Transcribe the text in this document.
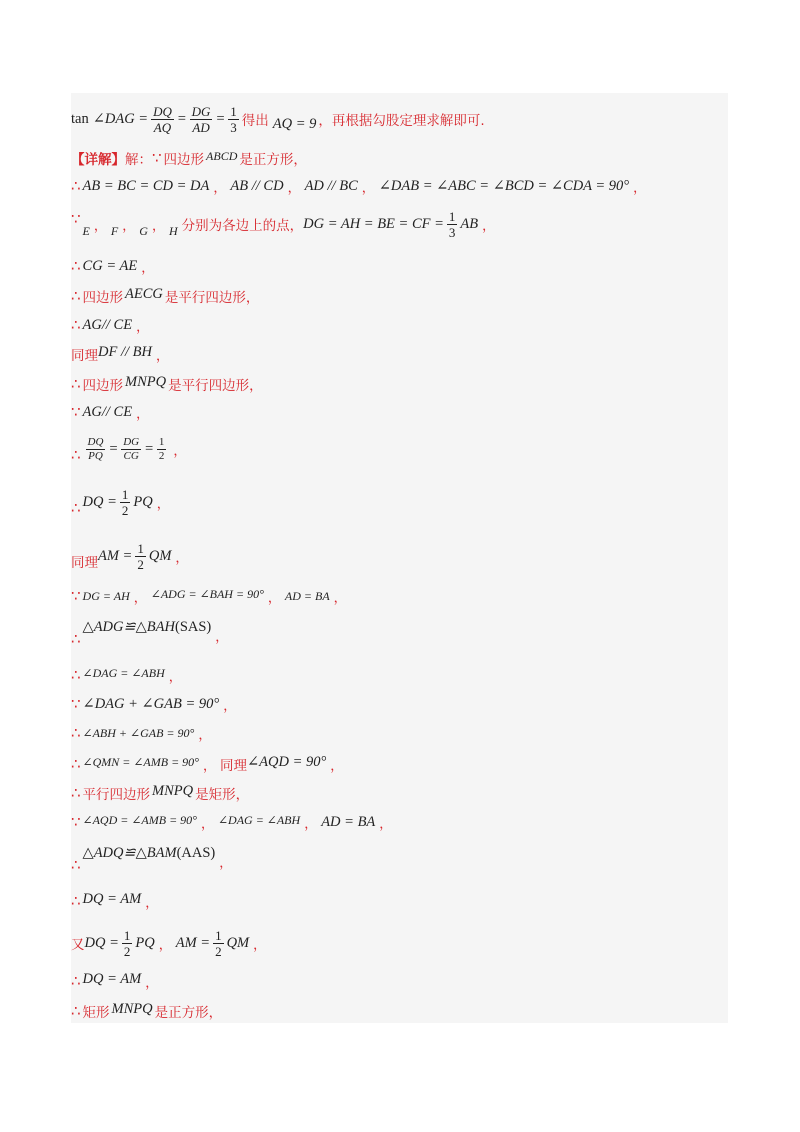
tan ∠DAG = $\frac{DQ}{AQ} = \frac{DG}{AD} = \frac{1}{3}$ 得出 AQ = 9 ，再根据勾股定理求解即可.
【详解】 解： ∵ 四边形 ABCD 是正方形，
∴ AB = BC = CD = DA ， AB // CD ， AD // BC ， ∠DAB = ∠ABC = ∠BCD = ∠CDA = 90° ，
∵
E ， F ， G ， H 分别为各边上的点， DG = AH = BE = CF = $\frac{1}{3}$ AB ，
∴ CG = AE ，
∴ 四边形 AECG 是平行四边形，
∴ AG// CE ，
同理 DF // BH ，
∴ 四边形 MNPQ 是平行四边形，
∵ AG// CE ，
∴ $\frac{DQ}{PQ} = \frac{DG}{CG} = \frac{1}{2}$ ，
∴ DQ = $\frac{1}{2}$ PQ ，
同理 AM = $\frac{1}{2}$ QM ，
∵ DG = AH ， ∠ADG = ∠BAH = 90° ， AD = BA ，
∴
△ADG≌△BAH (SAS)
，
∴ ∠DAG = ∠ABH ，
∵ ∠DAG + ∠GAB = 90° ，
∴ ∠ABH + ∠GAB = 90° ，
∴ ∠QMN = ∠AMB = 90° ， 同理 ∠AQD = 90° ，
∴ 平行四边形 MNPQ 是矩形，
∵ ∠AQD = ∠AMB = 90° ， ∠DAG = ∠ABH ， AD = BA ，
∴
△ADQ≌△BAM (AAS)
，
∴ DQ = AM ，
又 DQ = $\frac{1}{2}$ PQ ， AM = $\frac{1}{2}$ QM ，
∴ DQ = AM ，
∴ 矩形 MNPQ 是正方形，
